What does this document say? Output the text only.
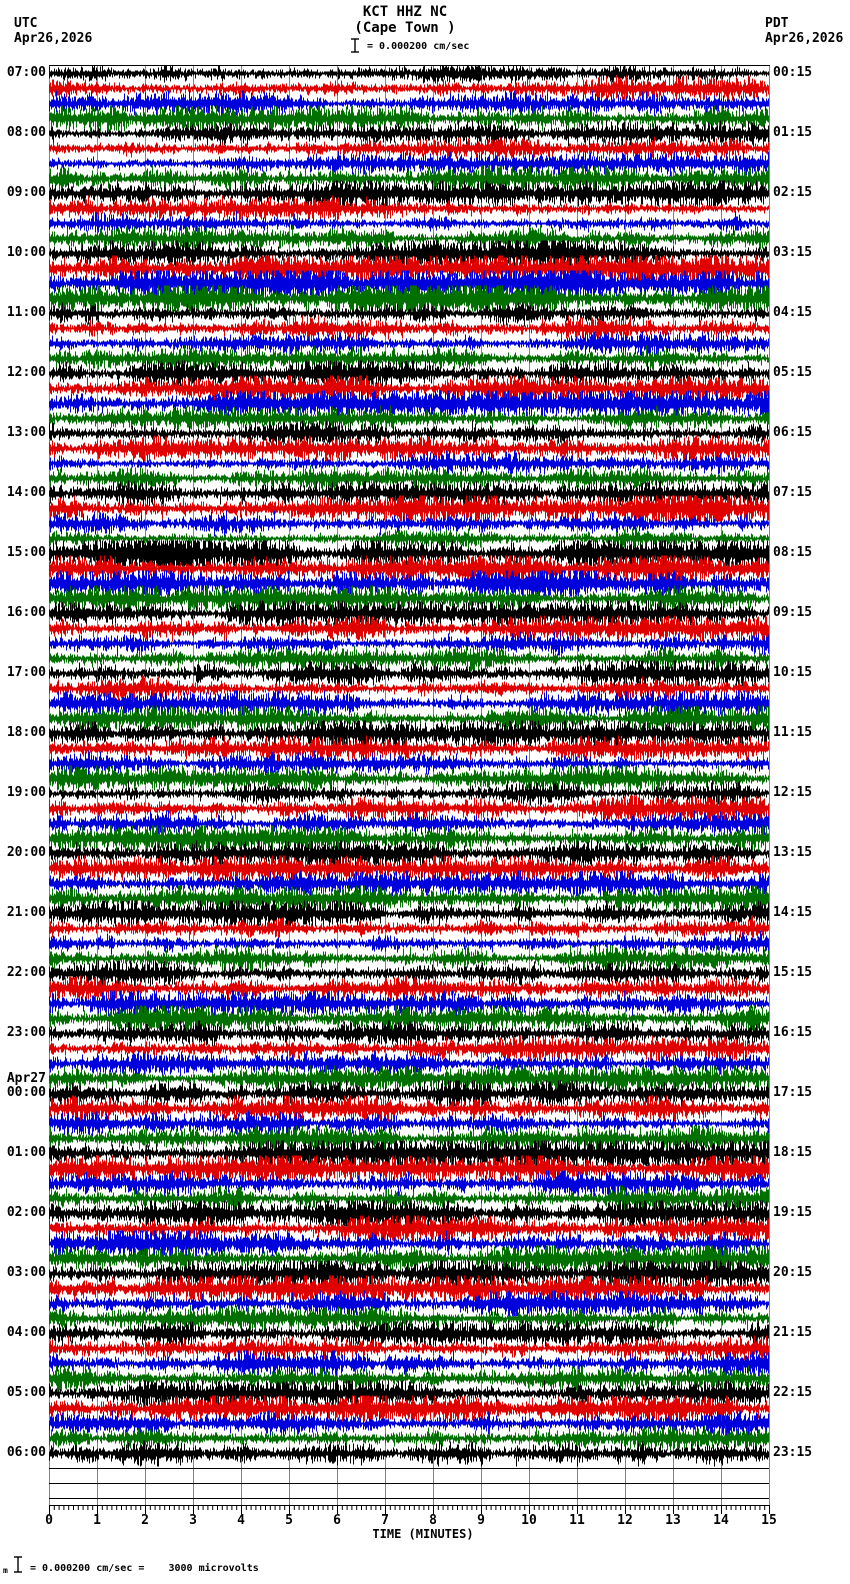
KCT HHZ NC
(Cape Town )
= 0.000200 cm/sec
UTC
Apr26,2026
PDT
Apr26,2026
07:00
08:00
09:00
10:00
11:00
12:00
13:00
14:00
15:00
16:00
17:00
18:00
19:00
20:00
21:00
22:00
23:00
Apr27
00:00
01:00
02:00
03:00
04:00
05:00
06:00
00:15
01:15
02:15
03:15
04:15
05:15
06:15
07:15
08:15
09:15
10:15
11:15
12:15
13:15
14:15
15:15
16:15
17:15
18:15
19:15
20:15
21:15
22:15
23:15
0	1	2	3	4	5	6	7	8	9	10	11	12	13	14	15
TIME (MINUTES)
m = 0.000200 cm/sec =    3000 microvolts
